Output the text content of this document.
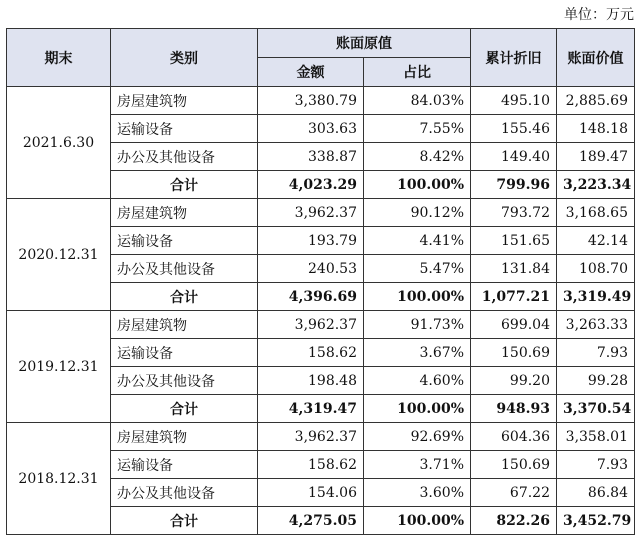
单位：万元
期末	类别	账面原值		累计折旧	账面价值
		金额	占比		
2021.6.30	房屋建筑物	3,380.79	84.03%	495.10	2,885.69
	运输设备	303.63	7.55%	155.46	148.18
	办公及其他设备	338.87	8.42%	149.40	189.47
	合计	4,023.29	100.00%	799.96	3,223.34
2020.12.31	房屋建筑物	3,962.37	90.12%	793.72	3,168.65
	运输设备	193.79	4.41%	151.65	42.14
	办公及其他设备	240.53	5.47%	131.84	108.70
	合计	4,396.69	100.00%	1,077.21	3,319.49
2019.12.31	房屋建筑物	3,962.37	91.73%	699.04	3,263.33
	运输设备	158.62	3.67%	150.69	7.93
	办公及其他设备	198.48	4.60%	99.20	99.28
	合计	4,319.47	100.00%	948.93	3,370.54
2018.12.31	房屋建筑物	3,962.37	92.69%	604.36	3,358.01
	运输设备	158.62	3.71%	150.69	7.93
	办公及其他设备	154.06	3.60%	67.22	86.84
	合计	4,275.05	100.00%	822.26	3,452.79
